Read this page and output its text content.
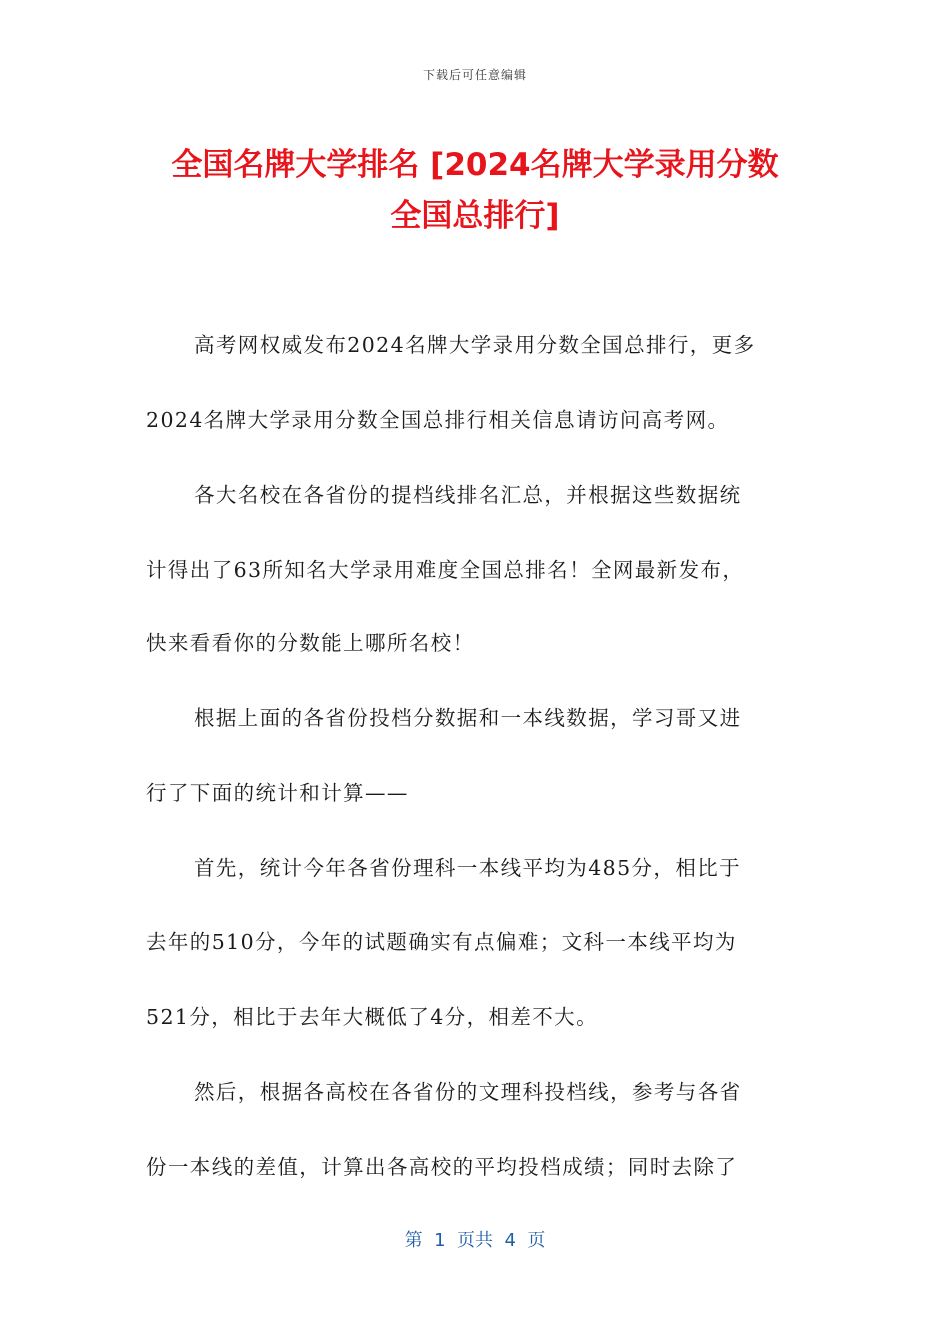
下载后可任意编辑
全国名牌大学排名 [2024名牌大学录用分数
全国总排行]
高考网权威发布2024名牌大学录用分数全国总排行，更多
2024名牌大学录用分数全国总排行相关信息请访问高考网。
各大名校在各省份的提档线排名汇总，并根据这些数据统
计得出了63所知名大学录用难度全国总排名！全网最新发布，
快来看看你的分数能上哪所名校！
根据上面的各省份投档分数据和一本线数据，学习哥又进
行了下面的统计和计算——
首先，统计今年各省份理科一本线平均为485分，相比于
去年的510分，今年的试题确实有点偏难；文科一本线平均为
521分，相比于去年大概低了4分，相差不大。
然后，根据各高校在各省份的文理科投档线，参考与各省
份一本线的差值，计算出各高校的平均投档成绩；同时去除了
第  1  页共  4  页
